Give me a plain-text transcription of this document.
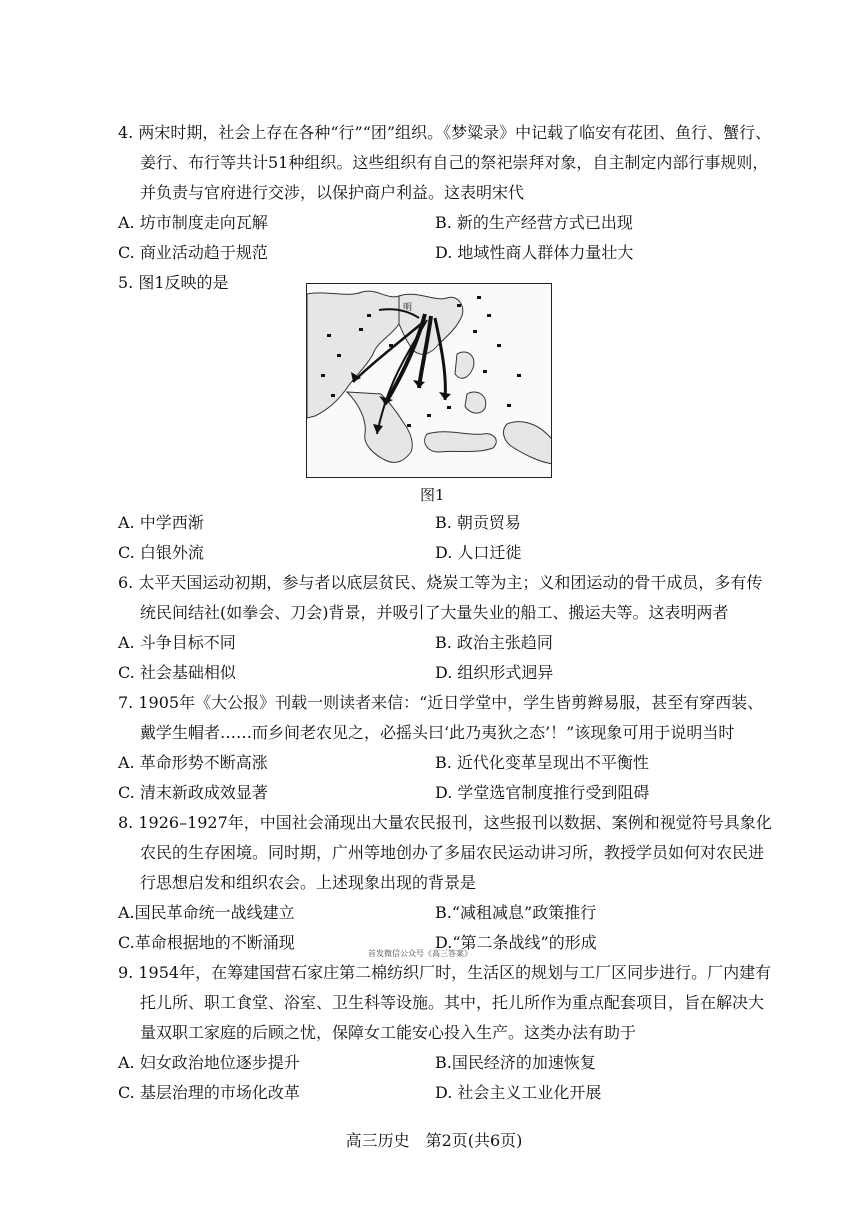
4. 两宋时期，社会上存在各种“行”“团”组织。《梦粱录》中记载了临安有花团、鱼行、蟹行、姜行、布行等共计51种组织。这些组织有自己的祭祀崇拜对象，自主制定内部行事规则，并负责与官府进行交涉，以保护商户利益。这表明宋代
A. 坊市制度走向瓦解	B. 新的生产经营方式已出现
C. 商业活动趋于规范	D. 地域性商人群体力量壮大
5. 图1反映的是
明
图1
A. 中学西渐	B. 朝贡贸易
C. 白银外流	D. 人口迁徙
6. 太平天国运动初期，参与者以底层贫民、烧炭工等为主；义和团运动的骨干成员，多有传统民间结社(如拳会、刀会)背景，并吸引了大量失业的船工、搬运夫等。这表明两者
A. 斗争目标不同	B. 政治主张趋同
C. 社会基础相似	D. 组织形式迥异
7. 1905年《大公报》刊载一则读者来信：“近日学堂中，学生皆剪辫易服，甚至有穿西装、戴学生帽者……而乡间老农见之，必摇头曰‘此乃夷狄之态’！”该现象可用于说明当时
A. 革命形势不断高涨	B. 近代化变革呈现出不平衡性
C. 清末新政成效显著	D. 学堂选官制度推行受到阻碍
8. 1926–1927年，中国社会涌现出大量农民报刊，这些报刊以数据、案例和视觉符号具象化农民的生存困境。同时期，广州等地创办了多届农民运动讲习所，教授学员如何对农民进行思想启发和组织农会。上述现象出现的背景是
A.国民革命统一战线建立	B.“减租减息”政策推行
C.革命根据地的不断涌现	D.“第二条战线”的形成
首发微信公众号《高三答案》
9. 1954年，在筹建国营石家庄第二棉纺织厂时，生活区的规划与工厂区同步进行。厂内建有托儿所、职工食堂、浴室、卫生科等设施。其中，托儿所作为重点配套项目，旨在解决大量双职工家庭的后顾之忧，保障女工能安心投入生产。这类办法有助于
A. 妇女政治地位逐步提升	B.国民经济的加速恢复
C. 基层治理的市场化改革	D. 社会主义工业化开展
高三历史　第2页(共6页)
